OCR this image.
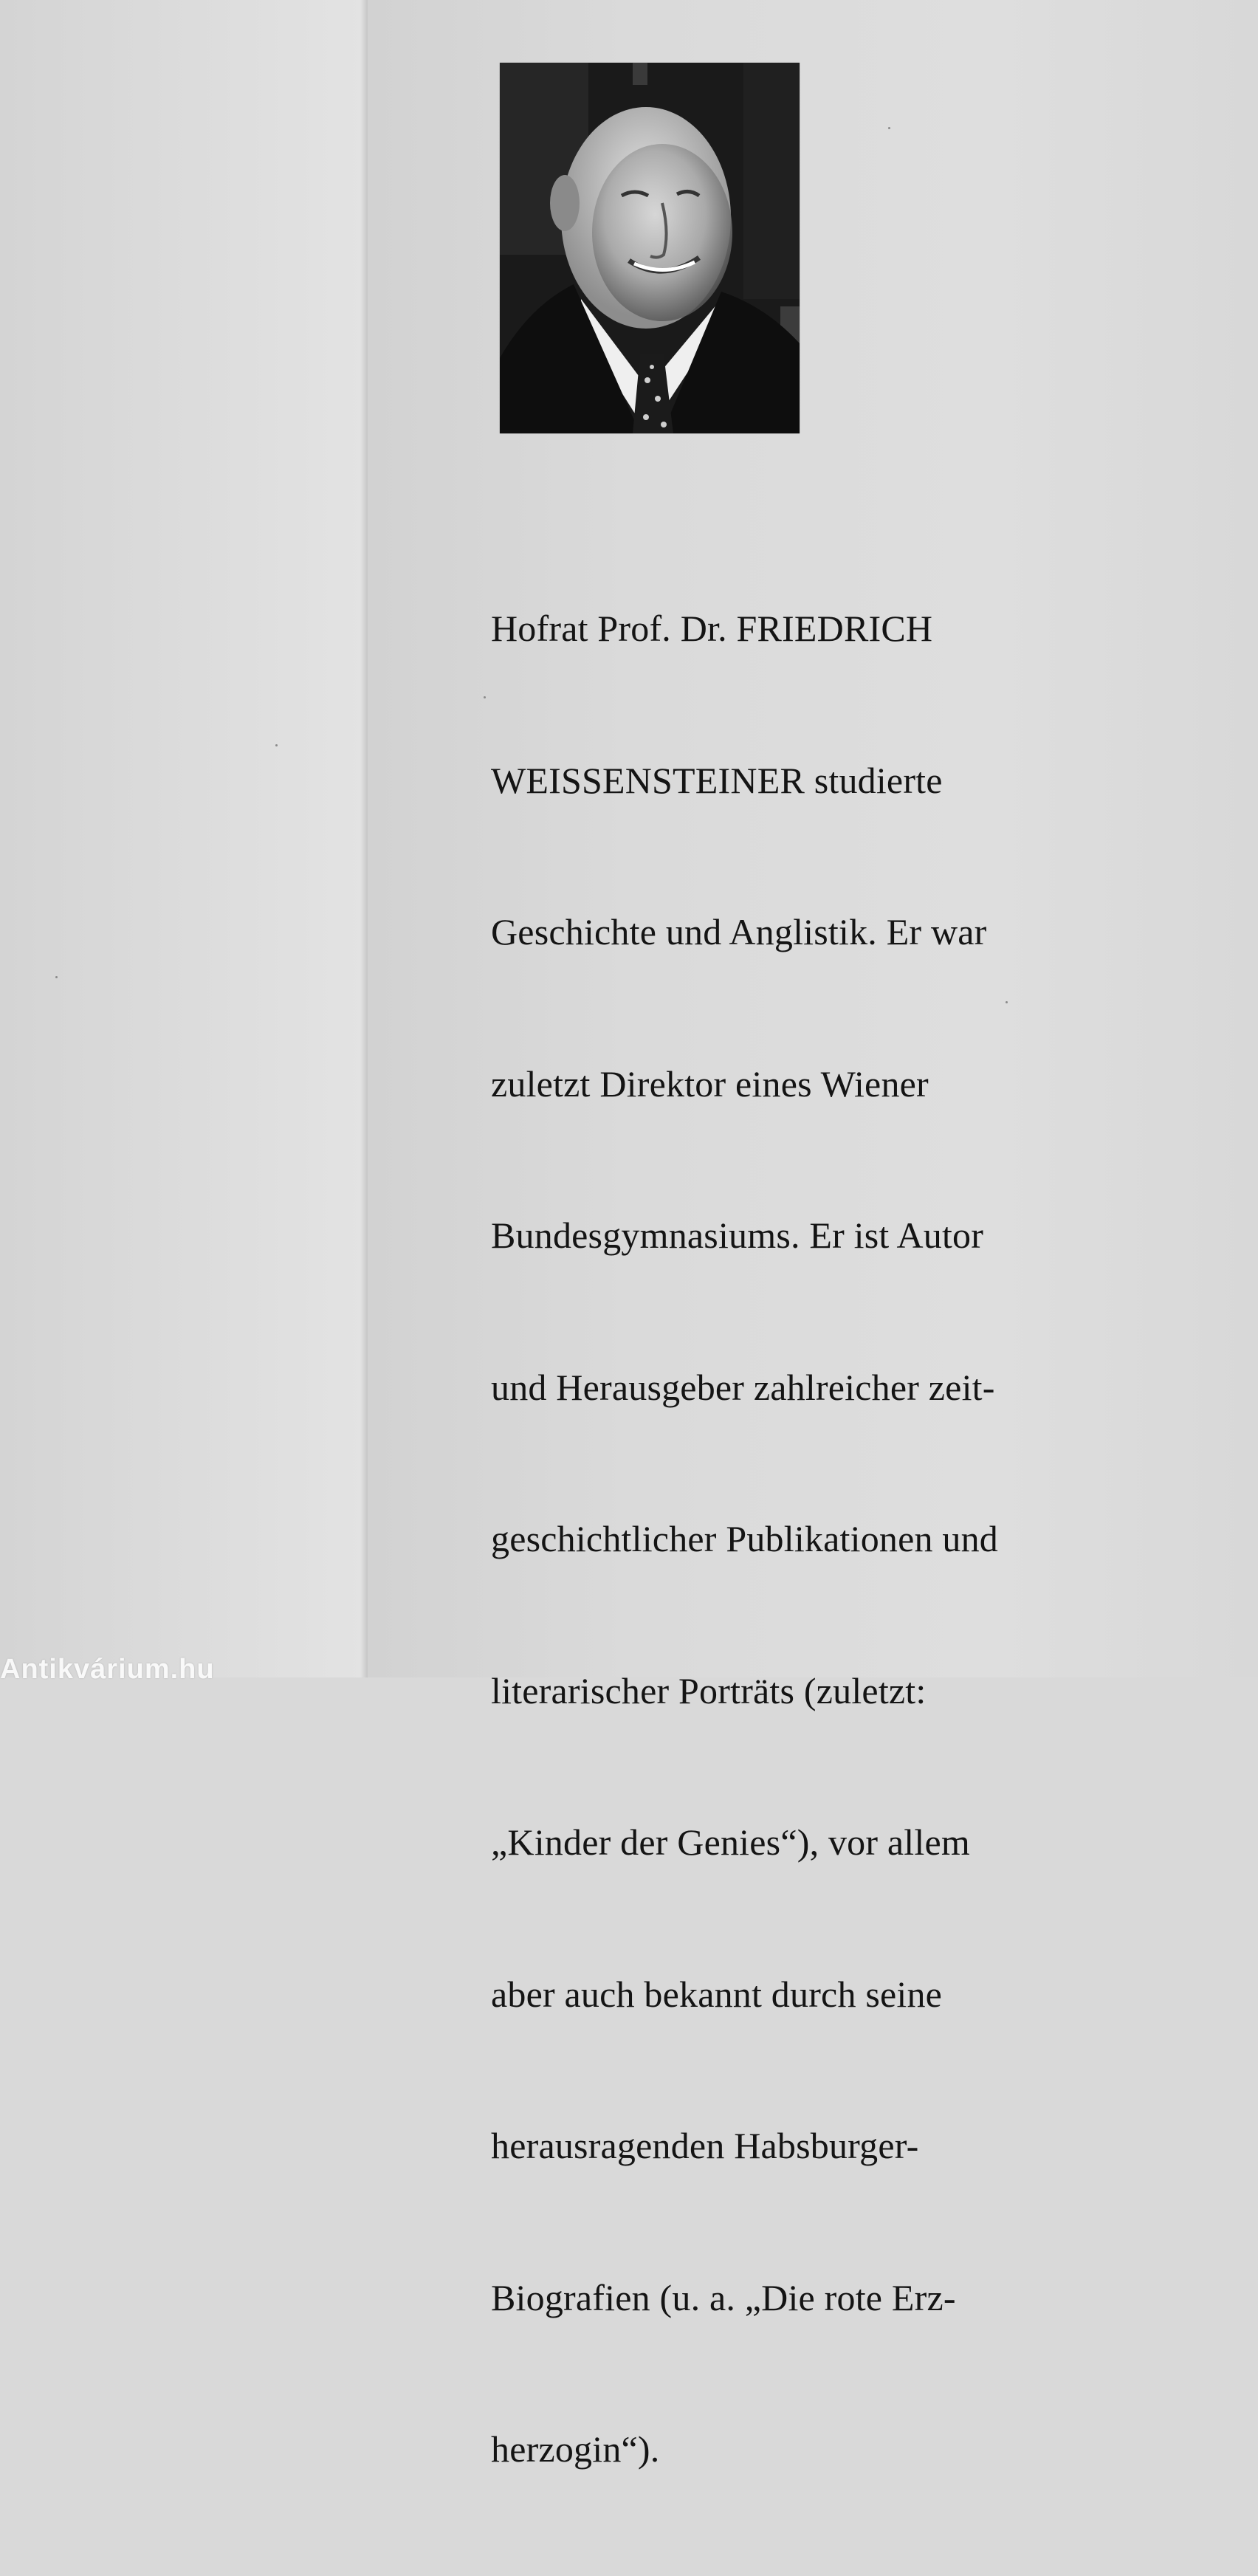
Hofrat Prof. Dr. FRIEDRICH

WEISSENSTEINER studierte

Geschichte und Anglistik. Er war

zuletzt Direktor eines Wiener

Bundesgymnasiums. Er ist Autor

und Herausgeber zahlreicher zeit-

geschichtlicher Publikationen und

literarischer Porträts (zuletzt:

„Kinder der Genies“), vor allem

aber auch bekannt durch seine

herausragenden Habsburger-

Biografien (u. a. „Die rote Erz-

herzogin“).

Antikvárium.hu
